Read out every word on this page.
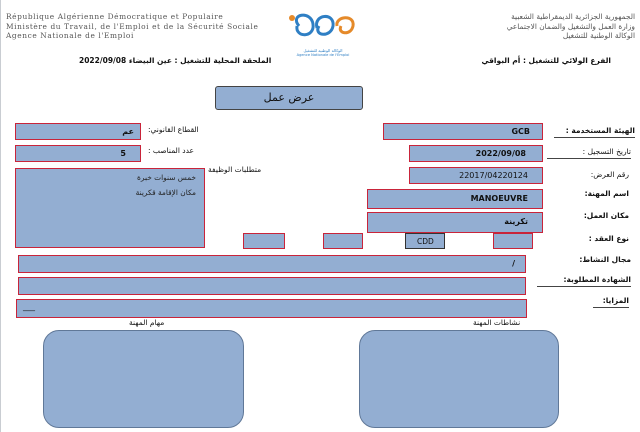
République Algérienne Démocratique et Populaire
Ministère du Travail, de l'Emploi et de la Sécurité Sociale
Agence Nationale de l'Emploi
الوكالة الوطنية للتشغيل
Agence Nationale de l'Emploi
الجمهورية الجزائرية الديمقراطية الشعبية
وزارة العمل والتشغيل والضمان الاجتماعي
الوكالة الوطنية للتشغيل
الفرع الولائي للتشغيل : أم البواقي
الملحقة المحلية للتشغيل : عين البيضاء 2022/09/08
عرض عمل
الهيئة المستخدمة :
تاريخ التسجيل :
رقم العرض:
اسم المهنة:
مكان العمل:
نوع العقد :
مجال النشاط:
الشهادة المطلوبة:
المزايا:
GCB
2022/09/08
22017/04220124
MANOEUVRE
تكرينة
CDD
/
___
عم القطاع القانوني:
5	عدد المناصب :
متطلبات الوظيفة
خمس سنوات خبرة
مكان الإقامة قكرينة
مهام المهنة	نشاطات المهنة
